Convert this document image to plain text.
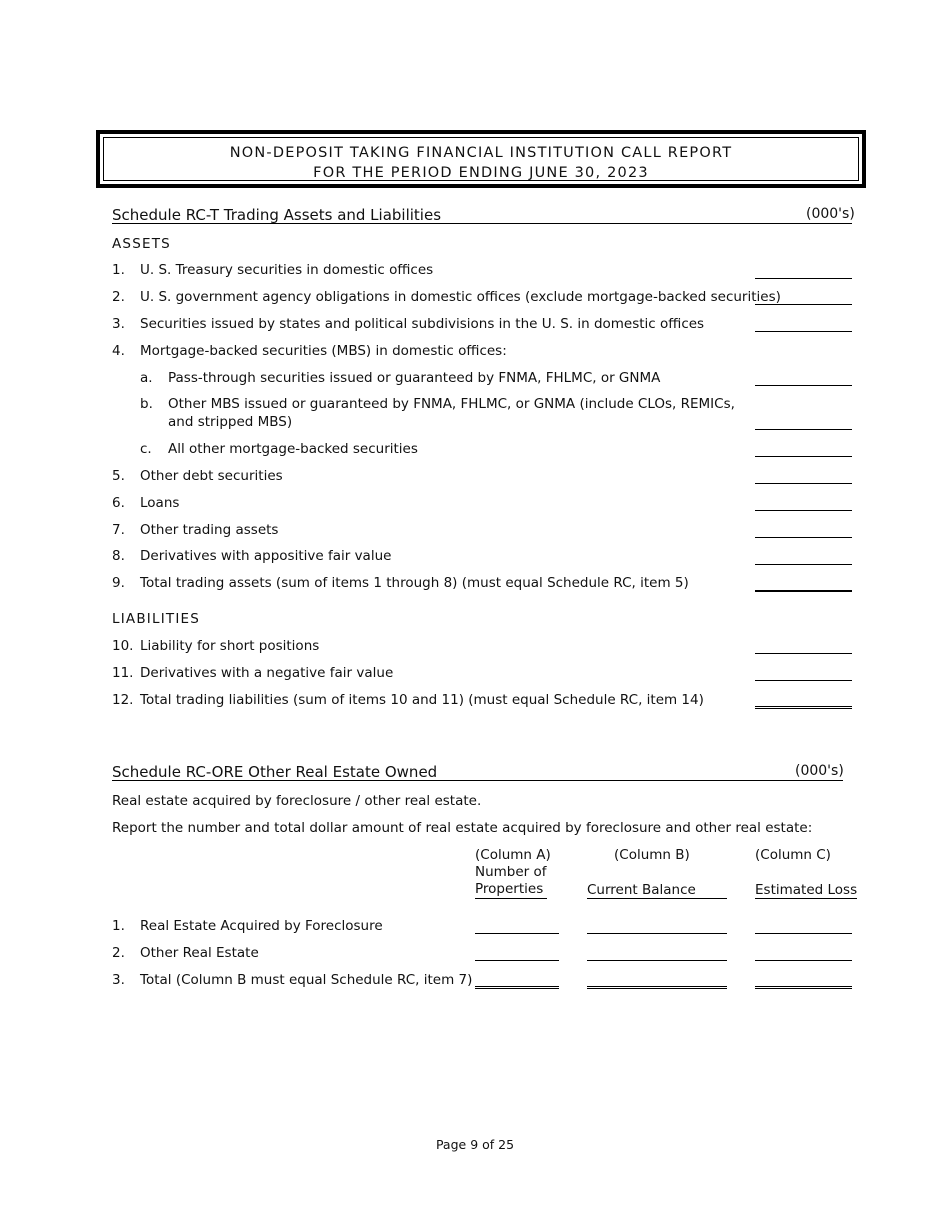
NON-DEPOSIT TAKING FINANCIAL INSTITUTION CALL REPORT
FOR THE PERIOD ENDING JUNE 30, 2023
Schedule RC-T Trading Assets and Liabilities	(000's)
ASSETS
1. U. S. Treasury securities in domestic offices
2. U. S. government agency obligations in domestic offices (exclude mortgage-backed securities)
3. Securities issued by states and political subdivisions in the U. S. in domestic offices
4. Mortgage-backed securities (MBS) in domestic offices:
a. Pass-through securities issued or guaranteed by FNMA, FHLMC, or GNMA
b. Other MBS issued or guaranteed by FNMA, FHLMC, or GNMA (include CLOs, REMICs,
and stripped MBS)
c. All other mortgage-backed securities
5. Other debt securities
6. Loans
7. Other trading assets
8. Derivatives with appositive fair value
9. Total trading assets (sum of items 1 through 8) (must equal Schedule RC, item 5)
LIABILITIES
10. Liability for short positions
11. Derivatives with a negative fair value
12. Total trading liabilities (sum of items 10 and 11) (must equal Schedule RC, item 14)
Schedule RC-ORE Other Real Estate Owned	(000's)
Real estate acquired by foreclosure / other real estate.
Report the number and total dollar amount of real estate acquired by foreclosure and other real estate:
(Column A)
Number of
Properties
(Column B)
Current Balance
(Column C)
Estimated Loss
1. Real Estate Acquired by Foreclosure
2. Other Real Estate
3. Total (Column B must equal Schedule RC, item 7)
Page 9 of 25
